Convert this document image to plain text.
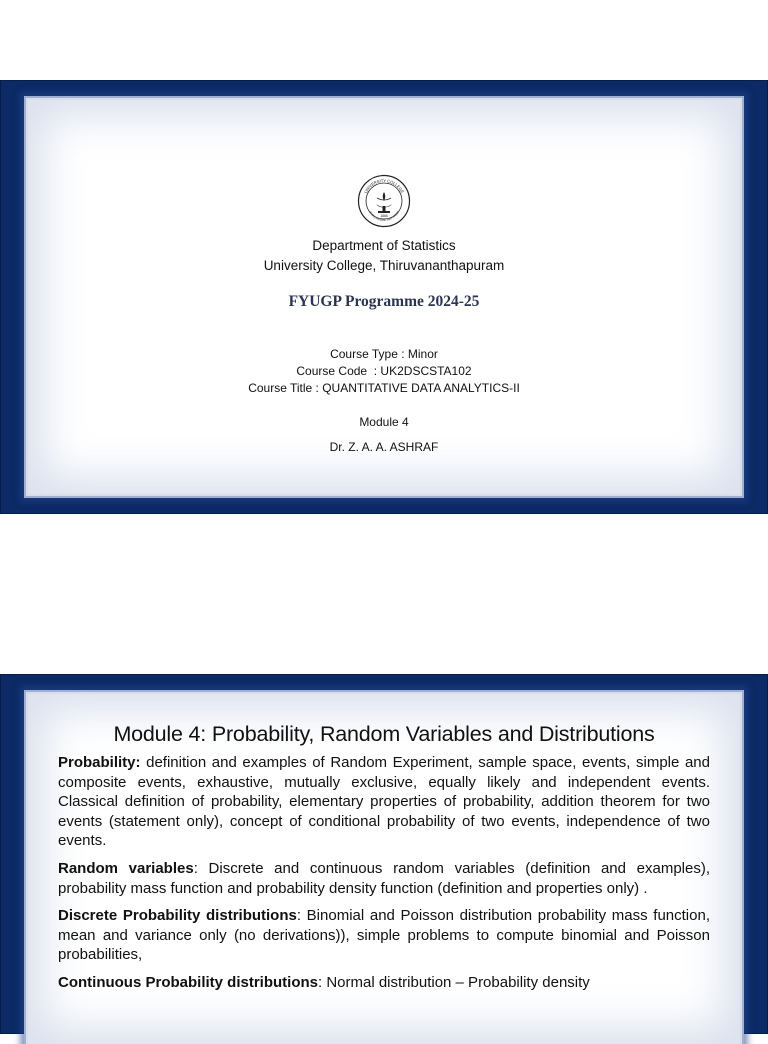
1866
UNIVERSITY COLLEGE
THIRUVANANTHAPURAM
Department of Statistics
University College, Thiruvananthapuram
FYUGP Programme 2024-25
Course Type : Minor
Course Code  : UK2DSCSTA102
Course Title : QUANTITATIVE DATA ANALYTICS-II
Module 4
Dr. Z. A. A. ASHRAF
Module 4: Probability, Random Variables and Distributions

Probability: definition and examples of Random Experiment, sample space, events, simple and composite events, exhaustive, mutually exclusive, equally likely and independent events. Classical definition of probability, elementary properties of probability, addition theorem for two events (statement only), concept of conditional probability of two events, independence of two events.

Random variables: Discrete and continuous random variables (definition and examples), probability mass function and probability density function (definition and properties only) .

Discrete Probability distributions: Binomial and Poisson distribution probability mass function, mean and variance only (no derivations)), simple problems to compute binomial and Poisson probabilities,

Continuous Probability distributions: Normal distribution – Probability density
